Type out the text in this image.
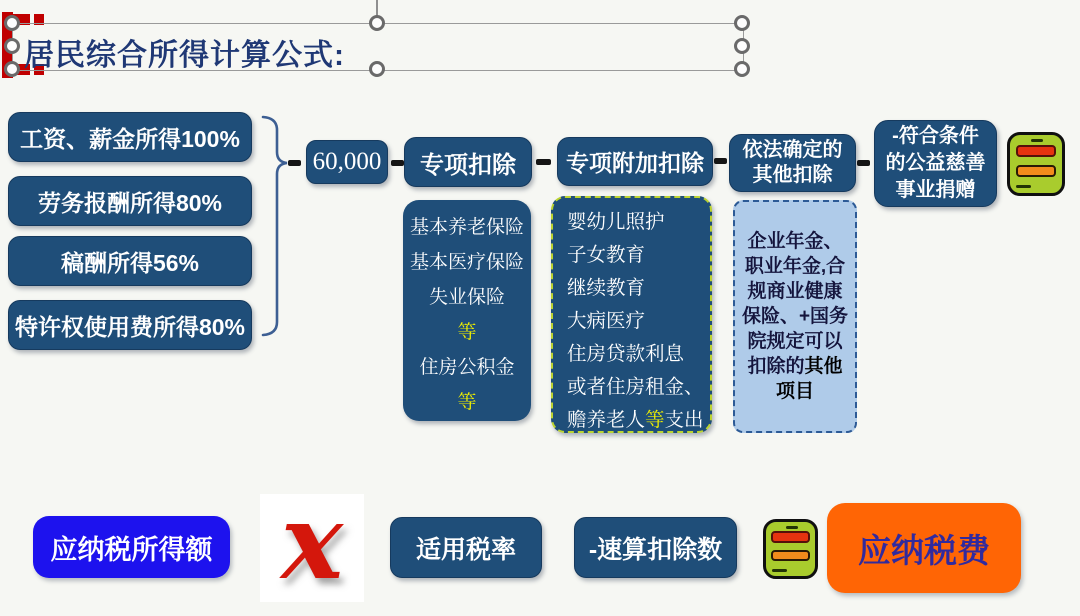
居民综合所得计算公式:
工资、薪金所得100%
劳务报酬所得80%
稿酬所得56%
特许权使用费所得80%
60,000 专项扣除 专项附加扣除 依法确定的
其他扣除
-符合条件
的公益慈善
事业捐赠
基本养老保险
基本医疗保险
失业保险
等
住房公积金
等
婴幼儿照护
子女教育
继续教育
大病医疗
住房贷款利息
或者住房租金、
赡养老人等支出
企业年金、职业年金,合规商业健康保险、+国务院规定可以扣除的其他项目
应纳税所得额 x	适用税率	-速算扣除数	应纳税费
